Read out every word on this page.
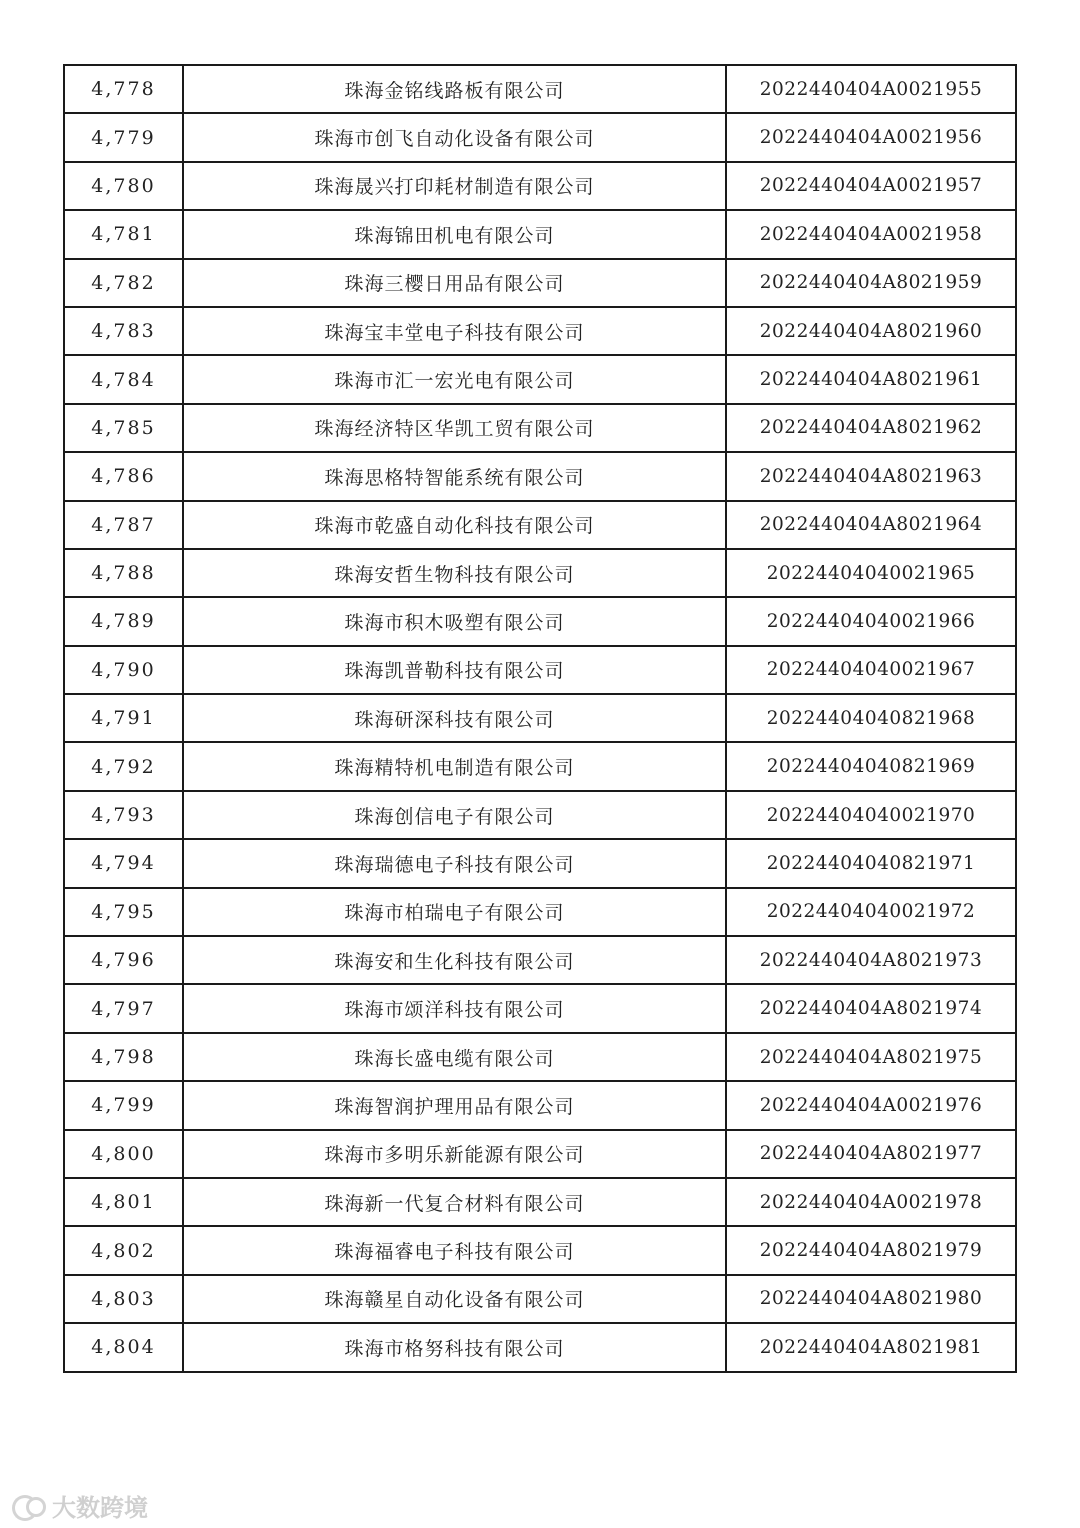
4,778	珠海金铭线路板有限公司	2022440404A0021955
4,779	珠海市创飞自动化设备有限公司	2022440404A0021956
4,780	珠海晟兴打印耗材制造有限公司	2022440404A0021957
4,781	珠海锦田机电有限公司	2022440404A0021958
4,782	珠海三樱日用品有限公司	2022440404A8021959
4,783	珠海宝丰堂电子科技有限公司	2022440404A8021960
4,784	珠海市汇一宏光电有限公司	2022440404A8021961
4,785	珠海经济特区华凯工贸有限公司	2022440404A8021962
4,786	珠海思格特智能系统有限公司	2022440404A8021963
4,787	珠海市乾盛自动化科技有限公司	2022440404A8021964
4,788	珠海安哲生物科技有限公司	20224404040021965
4,789	珠海市积木吸塑有限公司	20224404040021966
4,790	珠海凯普勒科技有限公司	20224404040021967
4,791	珠海研深科技有限公司	20224404040821968
4,792	珠海精特机电制造有限公司	20224404040821969
4,793	珠海创信电子有限公司	20224404040021970
4,794	珠海瑞德电子科技有限公司	20224404040821971
4,795	珠海市柏瑞电子有限公司	20224404040021972
4,796	珠海安和生化科技有限公司	2022440404A8021973
4,797	珠海市颂洋科技有限公司	2022440404A8021974
4,798	珠海长盛电缆有限公司	2022440404A8021975
4,799	珠海智润护理用品有限公司	2022440404A0021976
4,800	珠海市多明乐新能源有限公司	2022440404A8021977
4,801	珠海新一代复合材料有限公司	2022440404A0021978
4,802	珠海福睿电子科技有限公司	2022440404A8021979
4,803	珠海赣星自动化设备有限公司	2022440404A8021980
4,804	珠海市格努科技有限公司	2022440404A8021981
大数跨境
